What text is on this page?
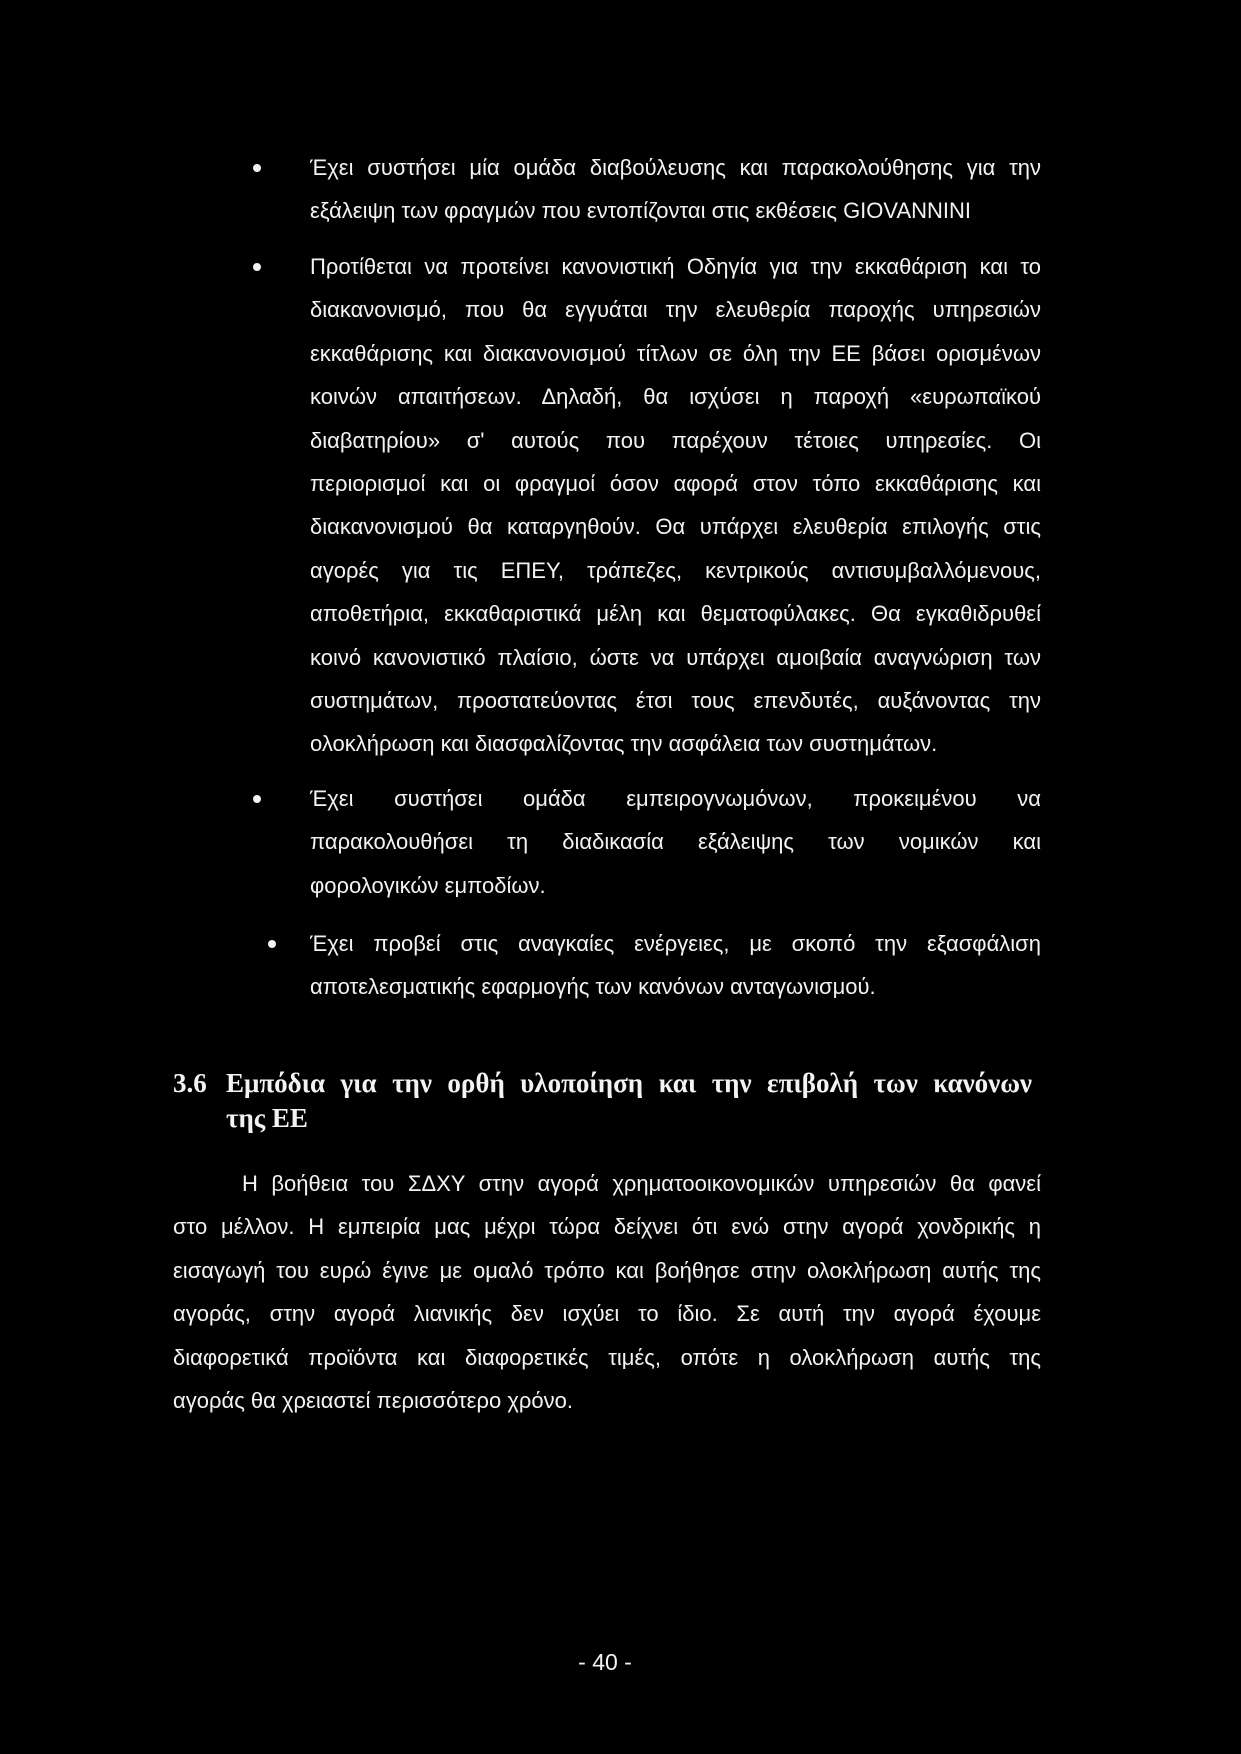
Έχει συστήσει μία ομάδα διαβούλευσης και παρακολούθησης για την
εξάλειψη των φραγμών που εντοπίζονται στις εκθέσεις GIOVANNINI
Προτίθεται να προτείνει κανονιστική Οδηγία για την εκκαθάριση και το
διακανονισμό, που θα εγγυάται την ελευθερία παροχής υπηρεσιών
εκκαθάρισης και διακανονισμού τίτλων σε όλη την ΕΕ βάσει ορισμένων
κοινών απαιτήσεων. Δηλαδή, θα ισχύσει η παροχή «ευρωπαϊκού
διαβατηρίου» σ' αυτούς που παρέχουν τέτοιες υπηρεσίες. Οι
περιορισμοί και οι φραγμοί όσον αφορά στον τόπο εκκαθάρισης και
διακανονισμού θα καταργηθούν. Θα υπάρχει ελευθερία επιλογής στις
αγορές για τις ΕΠΕΥ, τράπεζες, κεντρικούς αντισυμβαλλόμενους,
αποθετήρια, εκκαθαριστικά μέλη και θεματοφύλακες. Θα εγκαθιδρυθεί
κοινό κανονιστικό πλαίσιο, ώστε να υπάρχει αμοιβαία αναγνώριση των
συστημάτων, προστατεύοντας έτσι τους επενδυτές, αυξάνοντας την
ολοκλήρωση και διασφαλίζοντας την ασφάλεια των συστημάτων.
Έχει συστήσει ομάδα εμπειρογνωμόνων, προκειμένου να
παρακολουθήσει τη διαδικασία εξάλειψης των νομικών και
φορολογικών εμποδίων.
Έχει προβεί στις αναγκαίες ενέργειες, με σκοπό την εξασφάλιση
αποτελεσματικής εφαρμογής των κανόνων ανταγωνισμού.
3.6 Εμπόδια για την ορθή υλοποίηση και την επιβολή των κανόνων
της ΕΕ
Η βοήθεια του ΣΔΧΥ στην αγορά χρηματοοικονομικών υπηρεσιών θα φανεί
στο μέλλον. Η εμπειρία μας μέχρι τώρα δείχνει ότι ενώ στην αγορά χονδρικής η
εισαγωγή του ευρώ έγινε με ομαλό τρόπο και βοήθησε στην ολοκλήρωση αυτής της
αγοράς, στην αγορά λιανικής δεν ισχύει το ίδιο. Σε αυτή την αγορά έχουμε
διαφορετικά προϊόντα και διαφορετικές τιμές, οπότε η ολοκλήρωση αυτής της
αγοράς θα χρειαστεί περισσότερο χρόνο.
- 40 -
